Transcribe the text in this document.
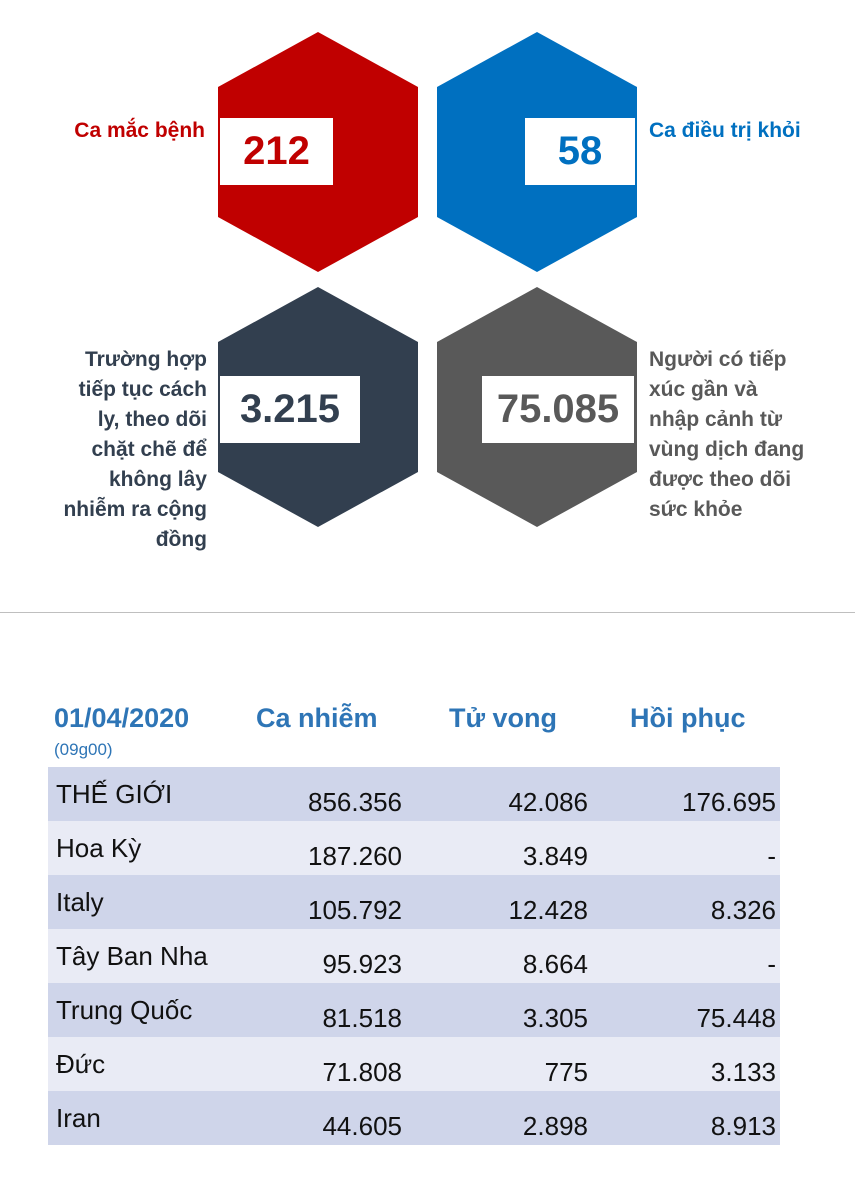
212
Ca mắc bệnh	58	Ca điều trị khỏi
3.215
Trường hợp
tiếp tục cách
ly, theo dõi
chặt chẽ để
không lây
nhiễm ra cộng
đồng
75.085
Người có tiếp
xúc gần và
nhập cảnh từ
vùng dịch đang
được theo dõi
sức khỏe
01/04/2020
(09g00)
Ca nhiễm	Tử vong	Hồi phục
THẾ GIỚI	856.356	42.086	176.695
Hoa Kỳ	187.260	3.849	-
Italy	105.792	12.428	8.326
Tây Ban Nha	95.923	8.664	-
Trung Quốc	81.518	3.305	75.448
Đức	71.808	775	3.133
Iran	44.605	2.898	8.913
